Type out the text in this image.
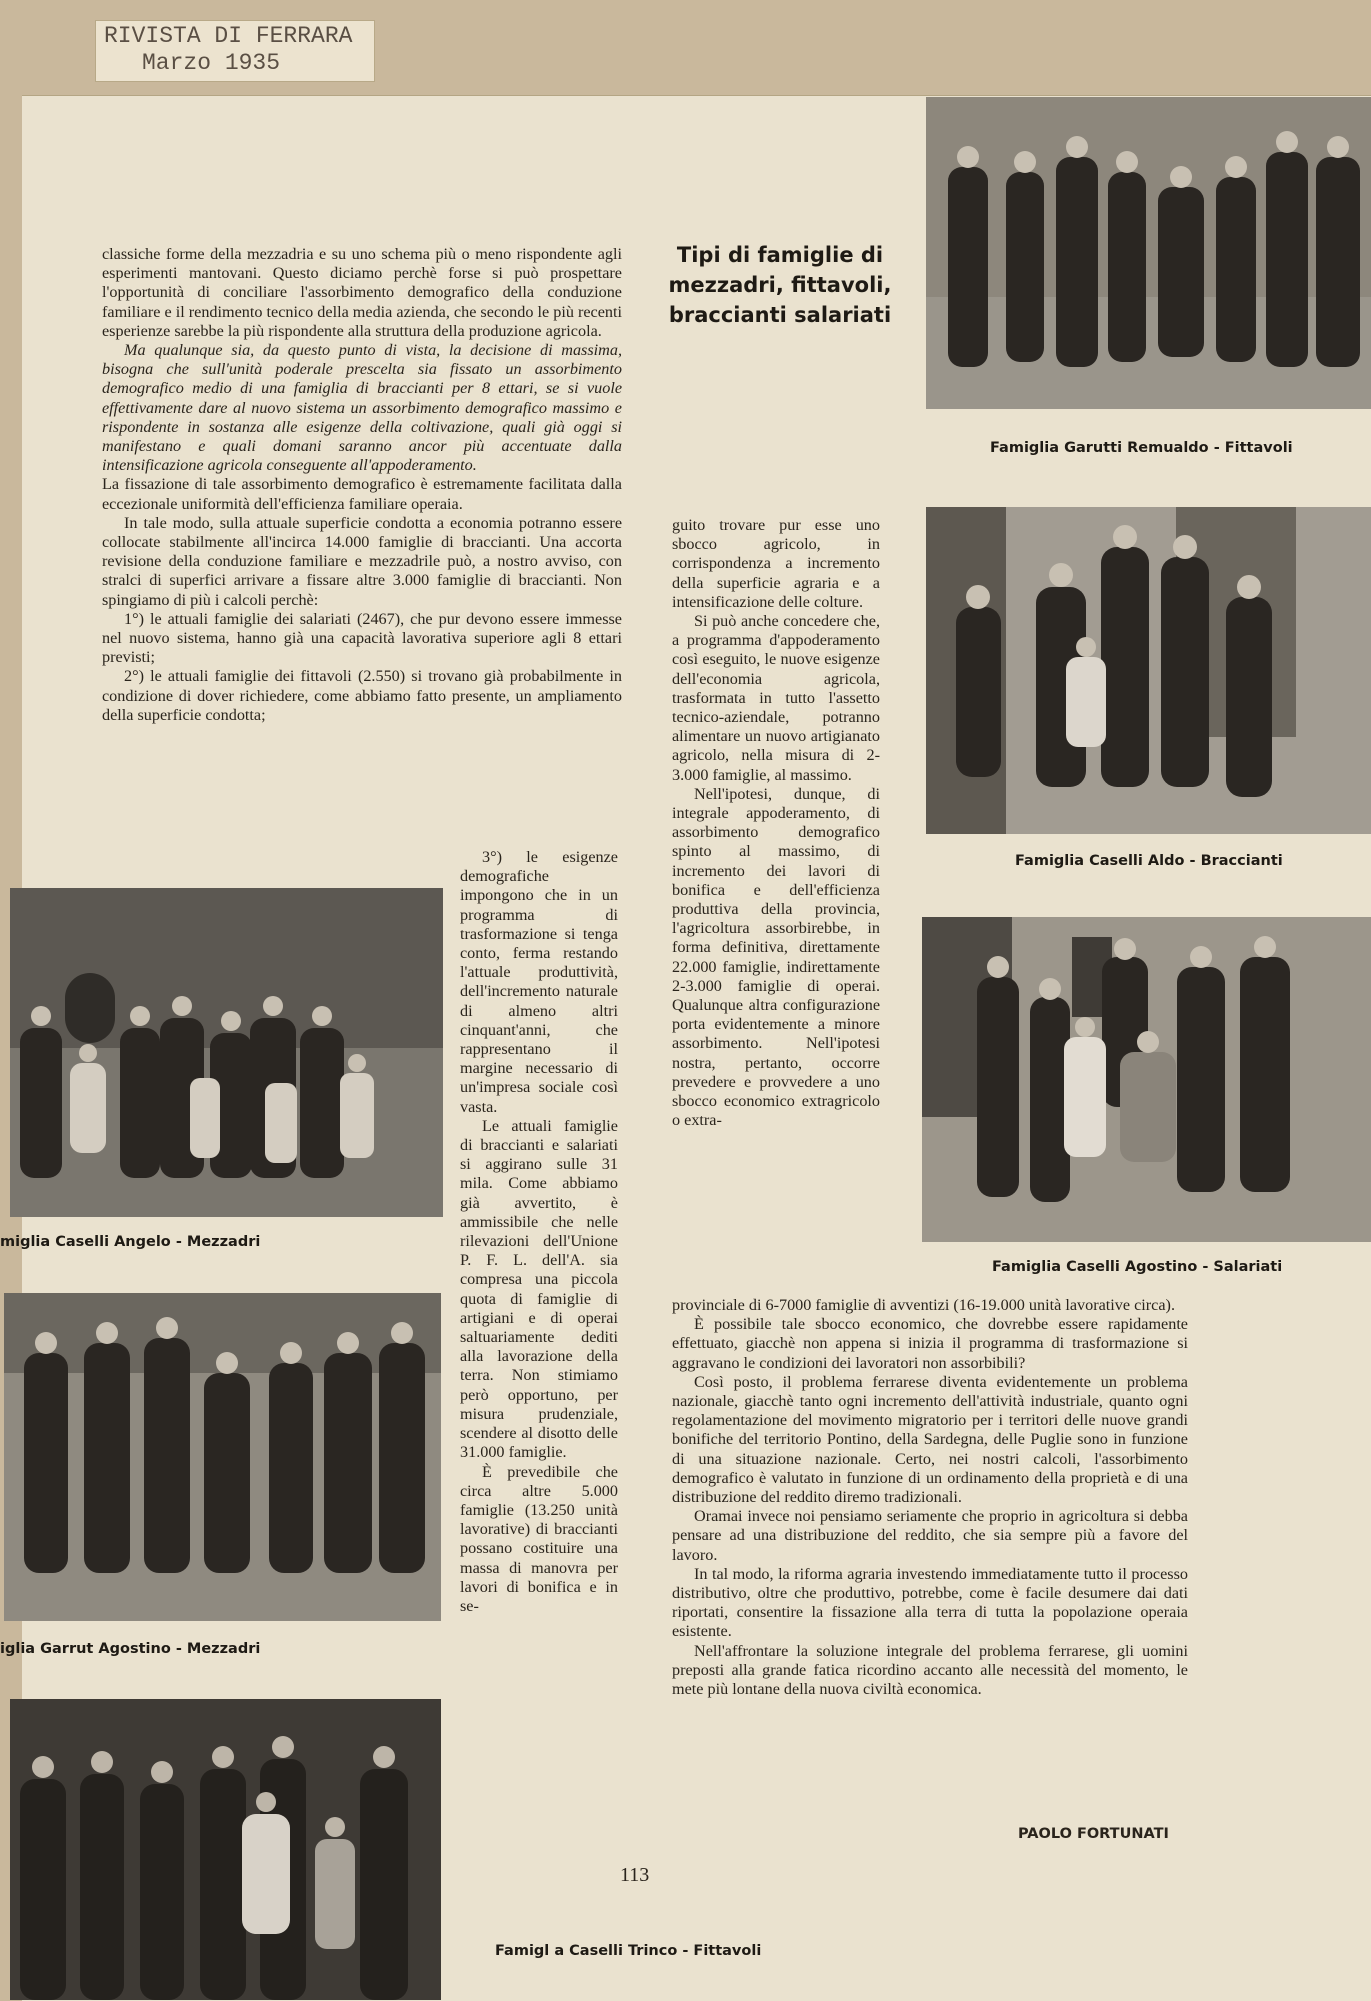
RIVISTA DI FERRARA
Marzo 1935

classiche forme della mezzadria e su uno schema più o meno rispondente agli esperimenti mantovani. Questo diciamo perchè forse si può prospettare l'opportunità di conciliare l'assorbimento demografico della conduzione familiare e il rendimento tecnico della media azienda, che secondo le più recenti esperienze sarebbe la più rispondente alla struttura della produzione agricola.

Ma qualunque sia, da questo punto di vista, la decisione di massima, bisogna che sull'unità poderale prescelta sia fissato un assorbimento demografico medio di una famiglia di braccianti per 8 ettari, se si vuole effettivamente dare al nuovo sistema un assorbimento demografico massimo e rispondente in sostanza alle esigenze della coltivazione, quali già oggi si manifestano e quali domani saranno ancor più accentuate dalla intensificazione agricola conseguente all'appoderamento.

La fissazione di tale assorbimento demografico è estremamente facilitata dalla eccezionale uniformità dell'efficienza familiare operaia.

In tale modo, sulla attuale superficie condotta a economia potranno essere collocate stabilmente all'incirca 14.000 famiglie di braccianti. Una accorta revisione della conduzione familiare e mezzadrile può, a nostro avviso, con stralci di superfici arrivare a fissare altre 3.000 famiglie di braccianti. Non spingiamo di più i calcoli perchè:

1°) le attuali famiglie dei salariati (2467), che pur devono essere immesse nel nuovo sistema, hanno già una capacità lavorativa superiore agli 8 ettari previsti;

2°) le attuali famiglie dei fittavoli (2.550) si trovano già probabilmente in condizione di dover richiedere, come abbiamo fatto presente, un ampliamento della superficie condotta;

3°) le esigenze demografiche impongono che in un programma di trasformazione si tenga conto, ferma restando l'attuale produttività, dell'incremento naturale di almeno altri cinquant'anni, che rappresentano il margine necessario di un'impresa sociale così vasta.

Le attuali famiglie di braccianti e salariati si aggirano sulle 31 mila. Come abbiamo già avvertito, è ammissibile che nelle rilevazioni dell'Unione P. F. L. dell'A. sia compresa una piccola quota di famiglie di artigiani e di operai saltuariamente dediti alla lavorazione della terra. Non stimiamo però opportuno, per misura prudenziale, scendere al disotto delle 31.000 famiglie.

È prevedibile che circa altre 5.000 famiglie (13.250 unità lavorative) di braccianti possano costituire una massa di manovra per lavori di bonifica e in se-

Tipi di famiglie di mezzadri, fittavoli, braccianti salariati

guito trovare pur esse uno sbocco agricolo, in corrispondenza a incremento della superficie agraria e a intensificazione delle colture.

Si può anche concedere che, a programma d'appoderamento così eseguito, le nuove esigenze dell'economia agricola, trasformata in tutto l'assetto tecnico-aziendale, potranno alimentare un nuovo artigianato agricolo, nella misura di 2-3.000 famiglie, al massimo.

Nell'ipotesi, dunque, di integrale appoderamento, di assorbimento demografico spinto al massimo, di incremento dei lavori di bonifica e dell'efficienza produttiva della provincia, l'agricoltura assorbirebbe, in forma definitiva, direttamente 22.000 famiglie, indirettamente 2-3.000 famiglie di operai. Qualunque altra configurazione porta evidentemente a minore assorbimento. Nell'ipotesi nostra, pertanto, occorre prevedere e provvedere a uno sbocco economico extragricolo o extra-

provinciale di 6-7000 famiglie di avventizi (16-19.000 unità lavorative circa).

È possibile tale sbocco economico, che dovrebbe essere rapidamente effettuato, giacchè non appena si inizia il programma di trasformazione si aggravano le condizioni dei lavoratori non assorbibili?

Così posto, il problema ferrarese diventa evidentemente un problema nazionale, giacchè tanto ogni incremento dell'attività industriale, quanto ogni regolamentazione del movimento migratorio per i territori delle nuove grandi bonifiche del territorio Pontino, della Sardegna, delle Puglie sono in funzione di una situazione nazionale. Certo, nei nostri calcoli, l'assorbimento demografico è valutato in funzione di un ordinamento della proprietà e di una distribuzione del reddito diremo tradizionali.

Oramai invece noi pensiamo seriamente che proprio in agricoltura si debba pensare ad una distribuzione del reddito, che sia sempre più a favore del lavoro.

In tal modo, la riforma agraria investendo immediatamente tutto il processo distributivo, oltre che produttivo, potrebbe, come è facile desumere dai dati riportati, consentire la fissazione alla terra di tutta la popolazione operaia esistente.

Nell'affrontare la soluzione integrale del problema ferrarese, gli uomini preposti alla grande fatica ricordino accanto alle necessità del momento, le mete più lontane della nuova civiltà economica.

PAOLO FORTUNATI
113
Famiglia Garutti Remualdo - Fittavoli
Famiglia Caselli Aldo - Braccianti
Famiglia Caselli Agostino - Salariati
miglia Caselli Angelo - Mezzadri
iglia Garrut Agostino - Mezzadri
Famigl a Caselli Trinco - Fittavoli
